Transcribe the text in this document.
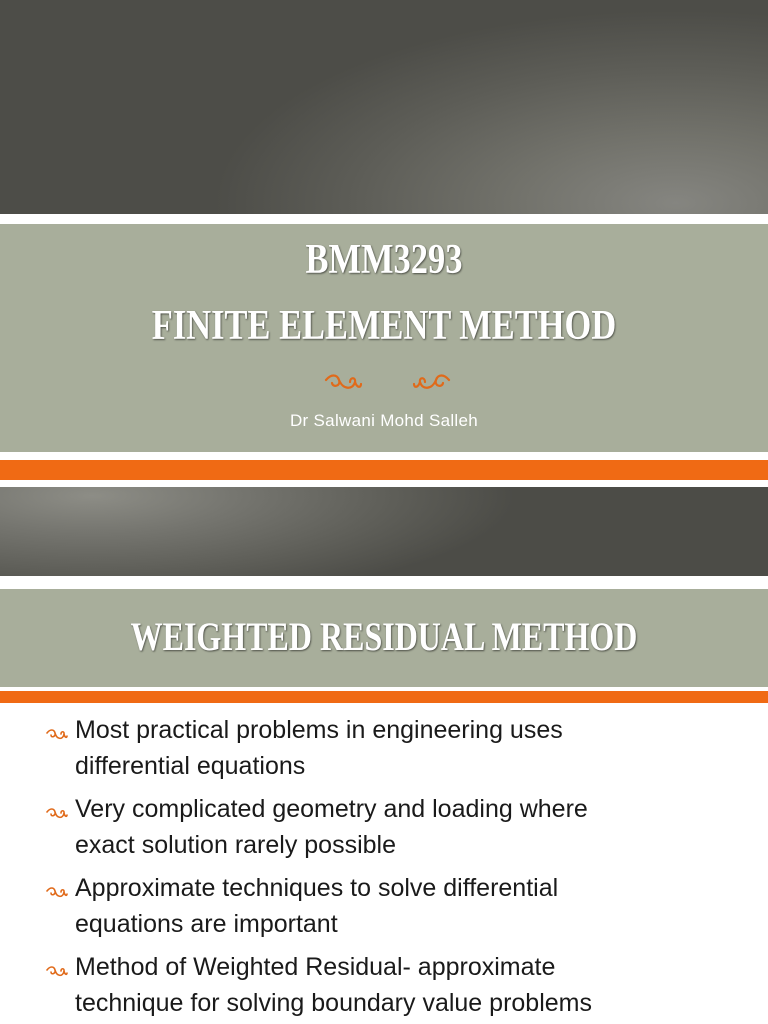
BMM3293
FINITE ELEMENT METHOD
Dr Salwani Mohd Salleh
WEIGHTED RESIDUAL METHOD
Most practical problems in engineering uses
differential equations
Very complicated geometry and loading where
exact solution rarely possible
Approximate techniques to solve differential
equations are important
Method of Weighted Residual- approximate
technique for solving boundary value problems
